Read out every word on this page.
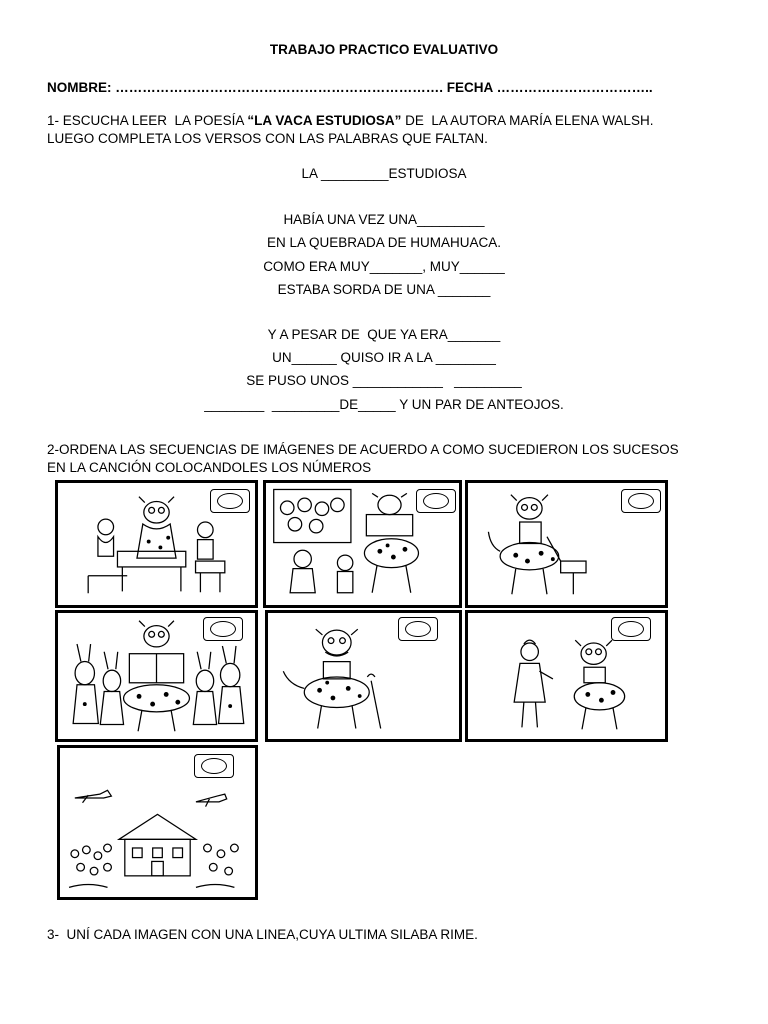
TRABAJO PRACTICO EVALUATIVO
NOMBRE: ………………………………………………………………. FECHA ……………………………..
1- ESCUCHA LEER  LA POESÍA “LA VACA ESTUDIOSA” DE  LA AUTORA MARÍA ELENA WALSH.
LUEGO COMPLETA LOS VERSOS CON LAS PALABRAS QUE FALTAN.
LA _________ESTUDIOSA
HABÍA UNA VEZ UNA_________
EN LA QUEBRADA DE HUMAHUACA.
COMO ERA MUY_______, MUY______
ESTABA SORDA DE UNA _______
Y A PESAR DE  QUE YA ERA_______
UN______ QUISO IR A LA ________
SE PUSO UNOS ____________   _________
________  _________DE_____ Y UN PAR DE ANTEOJOS.
2-ORDENA LAS SECUENCIAS DE IMÁGENES DE ACUERDO A COMO SUCEDIERON LOS SUCESOS
EN LA CANCIÓN COLOCANDOLES LOS NÚMEROS
3-  UNÍ CADA IMAGEN CON UNA LINEA,CUYA ULTIMA SILABA RIME.
